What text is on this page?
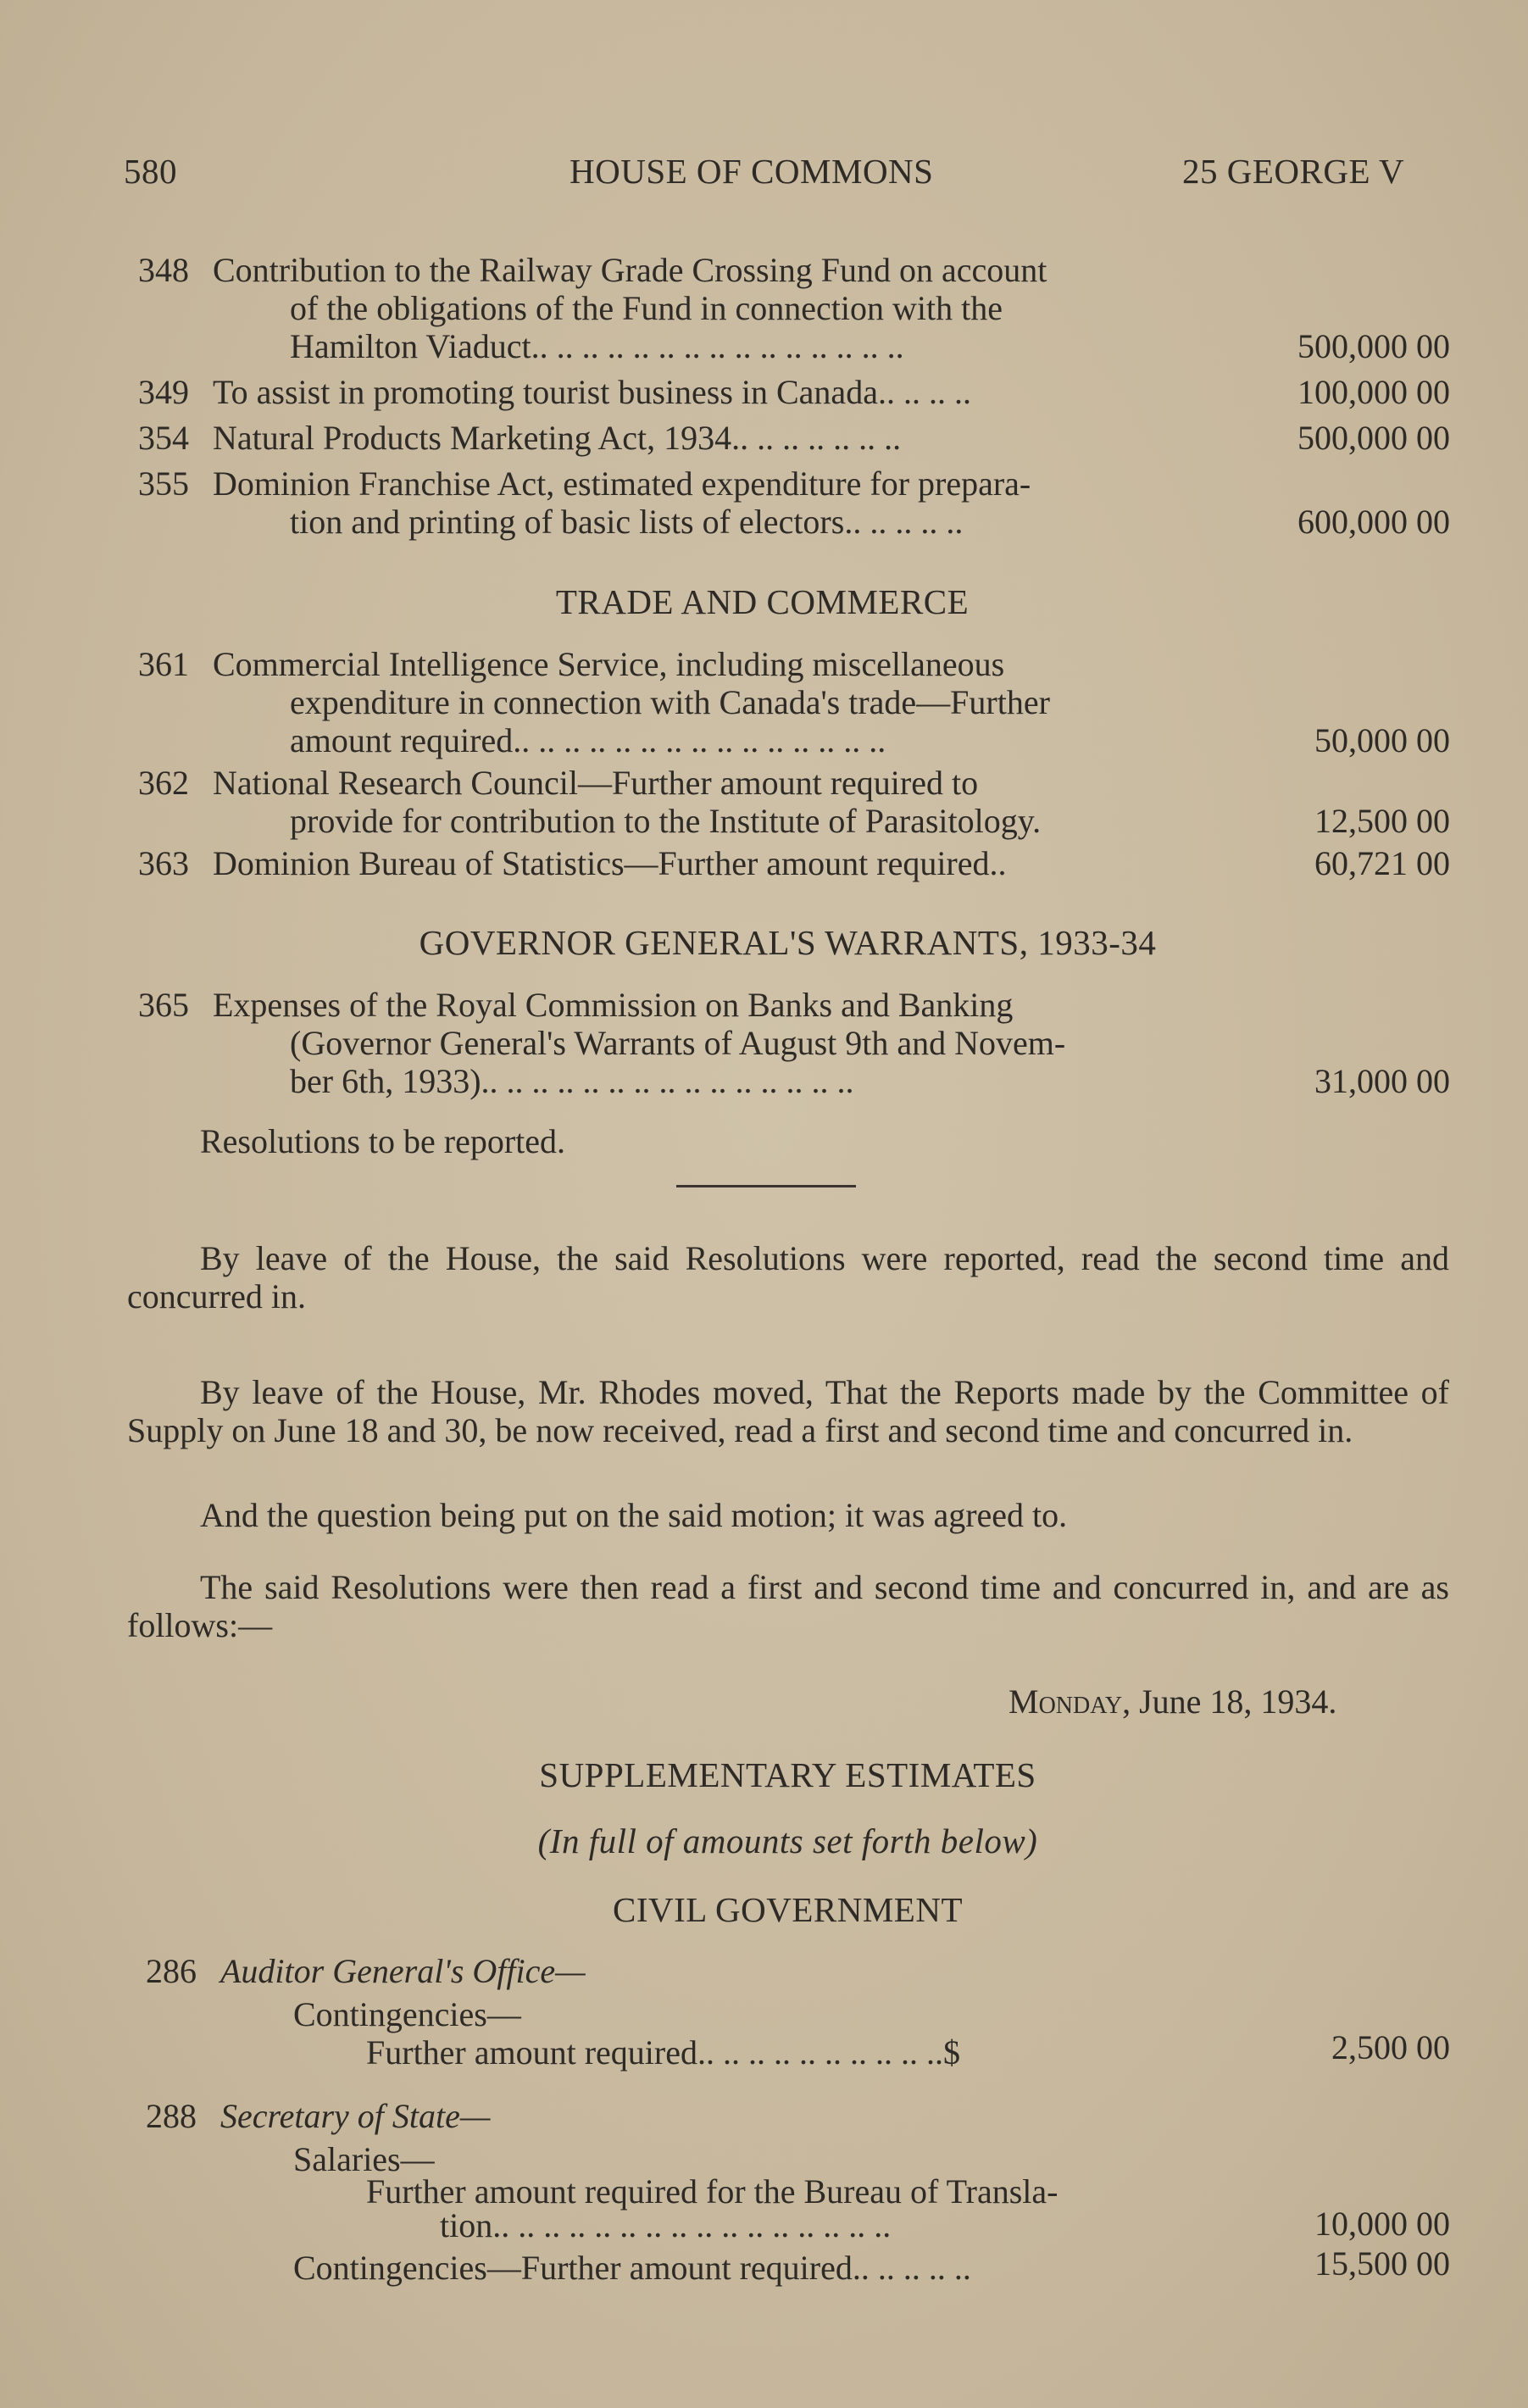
580	HOUSE OF COMMONS	25 GEORGE V
348 Contribution to the Railway Grade Crossing Fund on account
of the obligations of the Fund in connection with the
Hamilton Viaduct.. .. .. .. .. .. .. .. .. .. .. .. .. .. ..	500,000 00
349 To assist in promoting tourist business in Canada.. .. .. ..	100,000 00
354 Natural Products Marketing Act, 1934.. .. .. .. .. .. ..	500,000 00
355 Dominion Franchise Act, estimated expenditure for prepara-
tion and printing of basic lists of electors.. .. .. .. ..	600,000 00
TRADE AND COMMERCE
361 Commercial Intelligence Service, including miscellaneous
expenditure in connection with Canada's trade—Further
amount required.. .. .. .. .. .. .. .. .. .. .. .. .. .. ..	50,000 00
362 National Research Council—Further amount required to
provide for contribution to the Institute of Parasitology.	12,500 00
363 Dominion Bureau of Statistics—Further amount required..	60,721 00
GOVERNOR GENERAL'S WARRANTS, 1933-34
365 Expenses of the Royal Commission on Banks and Banking
(Governor General's Warrants of August 9th and Novem-
ber 6th, 1933).. .. .. .. .. .. .. .. .. .. .. .. .. .. ..	31,000 00
Resolutions to be reported.
By leave of the House, the said Resolutions were reported, read the second time and concurred in.
By leave of the House, Mr. Rhodes moved, That the Reports made by the Committee of Supply on June 18 and 30, be now received, read a first and second time and concurred in.
And the question being put on the said motion; it was agreed to.
The said Resolutions were then read a first and second time and concurred in, and are as follows:—
Monday, June 18, 1934.
SUPPLEMENTARY ESTIMATES
(In full of amounts set forth below)
CIVIL GOVERNMENT
286 Auditor General's Office—
Contingencies—
Further amount required.. .. .. .. .. .. .. .. .. ..$	2,500 00
288 Secretary of State—
Salaries—
Further amount required for the Bureau of Transla-
tion.. .. .. .. .. .. .. .. .. .. .. .. .. .. .. ..	10,000 00
Contingencies—Further amount required.. .. .. .. ..	15,500 00
